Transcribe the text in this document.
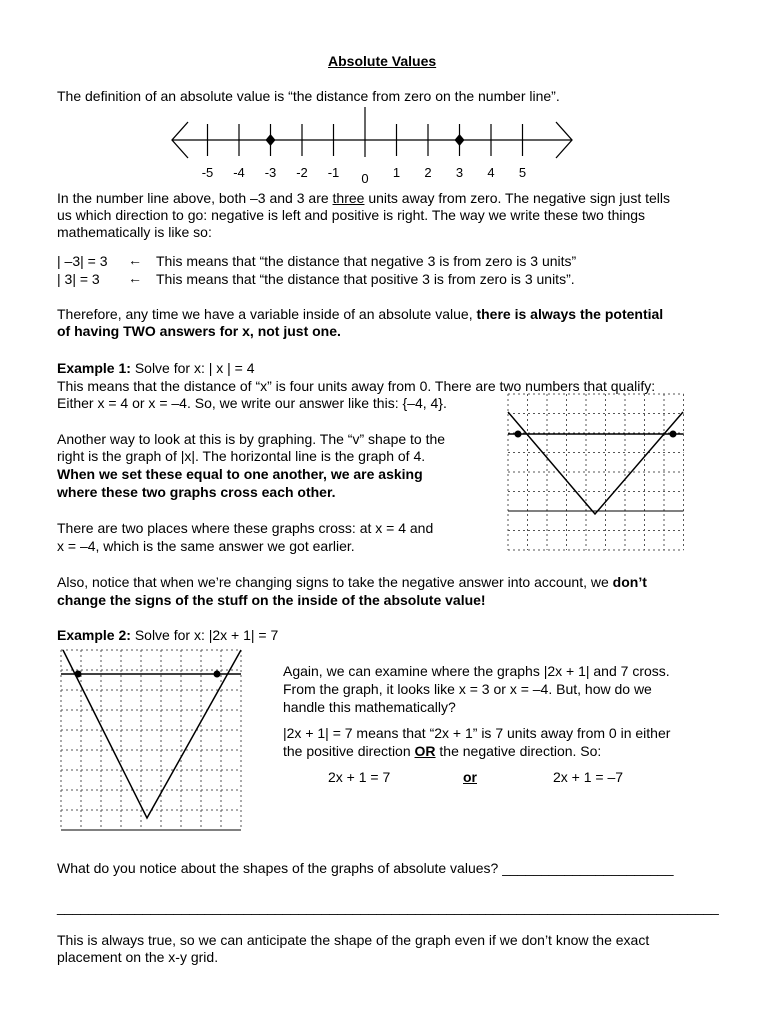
Absolute Values
The definition of an absolute value is “the distance from zero on the number line”.
-5 -4 -3 -2 -1 0 1 2 3 4 5
In the number line above, both –3 and 3 are three units away from zero. The negative sign just tells
us which direction to go: negative is left and positive is right. The way we write these two things
mathematically is like so:
| –3| = 3 ← This means that “the distance that negative 3 is from zero is 3 units”
| 3| = 3 ← This means that “the distance that positive 3 is from zero is 3 units”.
Therefore, any time we have a variable inside of an absolute value, there is always the potential
of having TWO answers for x, not just one.
Example 1: Solve for x: | x | = 4
This means that the distance of “x” is four units away from 0. There are two numbers that qualify:
Either x = 4 or x = –4. So, we write our answer like this: {–4, 4}.
Another way to look at this is by graphing. The “v” shape to the
right is the graph of |x|. The horizontal line is the graph of 4.
When we set these equal to one another, we are asking
where these two graphs cross each other.
There are two places where these graphs cross: at x = 4 and
x = –4, which is the same answer we got earlier.
Also, notice that when we’re changing signs to take the negative answer into account, we don’t
change the signs of the stuff on the inside of the absolute value!
Example 2: Solve for x: |2x + 1| = 7
Again, we can examine where the graphs |2x + 1| and 7 cross.
From the graph, it looks like x = 3 or x = –4. But, how do we
handle this mathematically?
|2x + 1| = 7 means that “2x + 1” is 7 units away from 0 in either
the positive direction OR the negative direction. So:
2x + 1 = 7	or	2x + 1 = –7
What do you notice about the shapes of the graphs of absolute values? ______________________
_____________________________________________________________________________________
This is always true, so we can anticipate the shape of the graph even if we don’t know the exact
placement on the x-y grid.
